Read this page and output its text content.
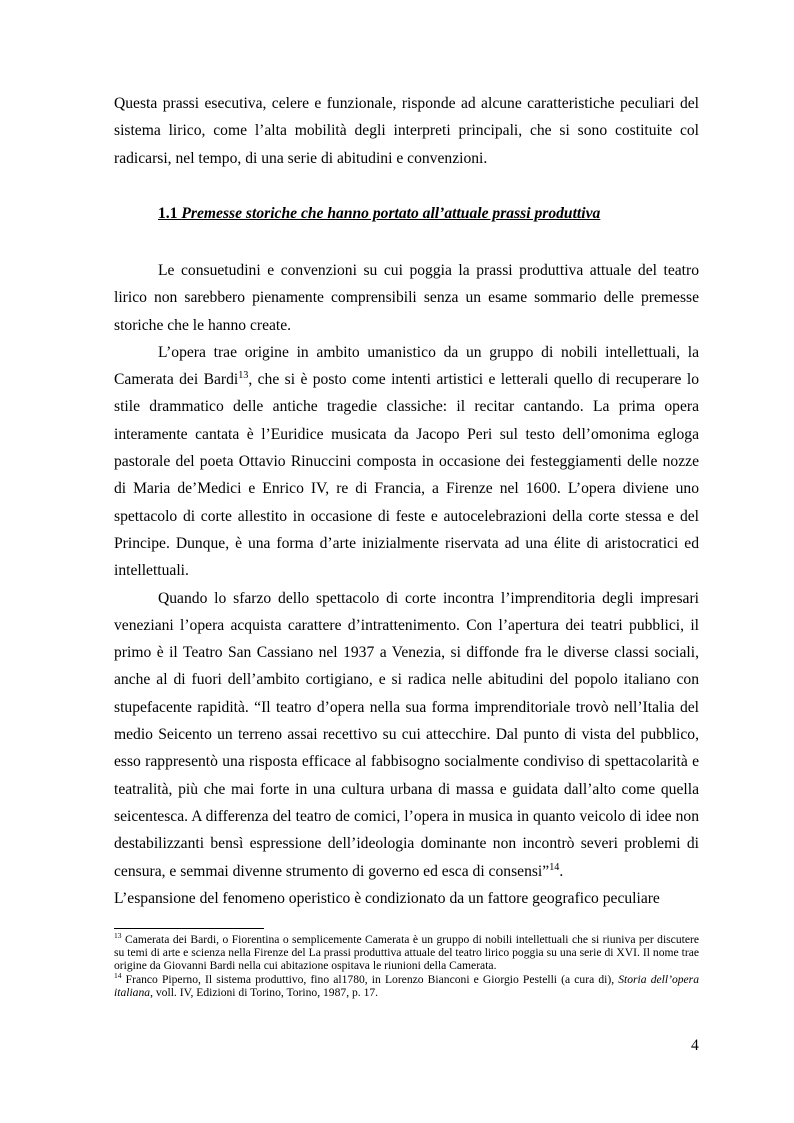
Questa prassi esecutiva, celere e funzionale, risponde ad alcune caratteristiche peculiari del sistema lirico, come l’alta mobilità degli interpreti principali, che si sono costituite col radicarsi, nel tempo, di una serie di abitudini e convenzioni.

1.1 Premesse storiche che hanno portato all’attuale prassi produttiva

Le consuetudini e convenzioni su cui poggia la prassi produttiva attuale del teatro lirico non sarebbero pienamente comprensibili senza un esame sommario delle premesse storiche che le hanno create.

L’opera trae origine in ambito umanistico da un gruppo di nobili intellettuali, la Camerata dei Bardi$^{13}$, che si è posto come intenti artistici e letterali quello di recuperare lo stile drammatico delle antiche tragedie classiche: il recitar cantando. La prima opera interamente cantata è l’Euridice musicata da Jacopo Peri sul testo dell’omonima egloga pastorale del poeta Ottavio Rinuccini composta in occasione dei festeggiamenti delle nozze di Maria de’Medici e Enrico IV, re di Francia, a Firenze nel 1600. L’opera diviene uno spettacolo di corte allestito in occasione di feste e autocelebrazioni della corte stessa e del Principe. Dunque, è una forma d’arte inizialmente riservata ad una élite di aristocratici ed intellettuali.

Quando lo sfarzo dello spettacolo di corte incontra l’imprenditoria degli impresari veneziani l’opera acquista carattere d’intrattenimento. Con l’apertura dei teatri pubblici, il primo è il Teatro San Cassiano nel 1937 a Venezia, si diffonde fra le diverse classi sociali, anche al di fuori dell’ambito cortigiano, e si radica nelle abitudini del popolo italiano con stupefacente rapidità. “Il teatro d’opera nella sua forma imprenditoriale trovò nell’Italia del medio Seicento un terreno assai recettivo su cui attecchire. Dal punto di vista del pubblico, esso rappresentò una risposta efficace al fabbisogno socialmente condiviso di spettacolarità e teatralità, più che mai forte in una cultura urbana di massa e guidata dall’alto come quella seicentesca. A differenza del teatro de comici, l’opera in musica in quanto veicolo di idee non destabilizzanti bensì espressione dell’ideologia dominante non incontrò severi problemi di censura, e semmai divenne strumento di governo ed esca di consensi”$^{14}$.

L’espansione del fenomeno operistico è condizionato da un fattore geografico peculiare

$^{13}$ Camerata dei Bardi, o Fiorentina o semplicemente Camerata è un gruppo di nobili intellettuali che si riuniva per discutere su temi di arte e scienza nella Firenze del La prassi produttiva attuale del teatro lirico poggia su una serie di XVI. Il nome trae origine da Giovanni Bardi nella cui abitazione ospitava le riunioni della Camerata.

$^{14}$ Franco Piperno, Il sistema produttivo, fino al1780, in Lorenzo Bianconi e Giorgio Pestelli (a cura di), Storia dell’opera italiana, voll. IV, Edizioni di Torino, Torino, 1987, p. 17.

4
